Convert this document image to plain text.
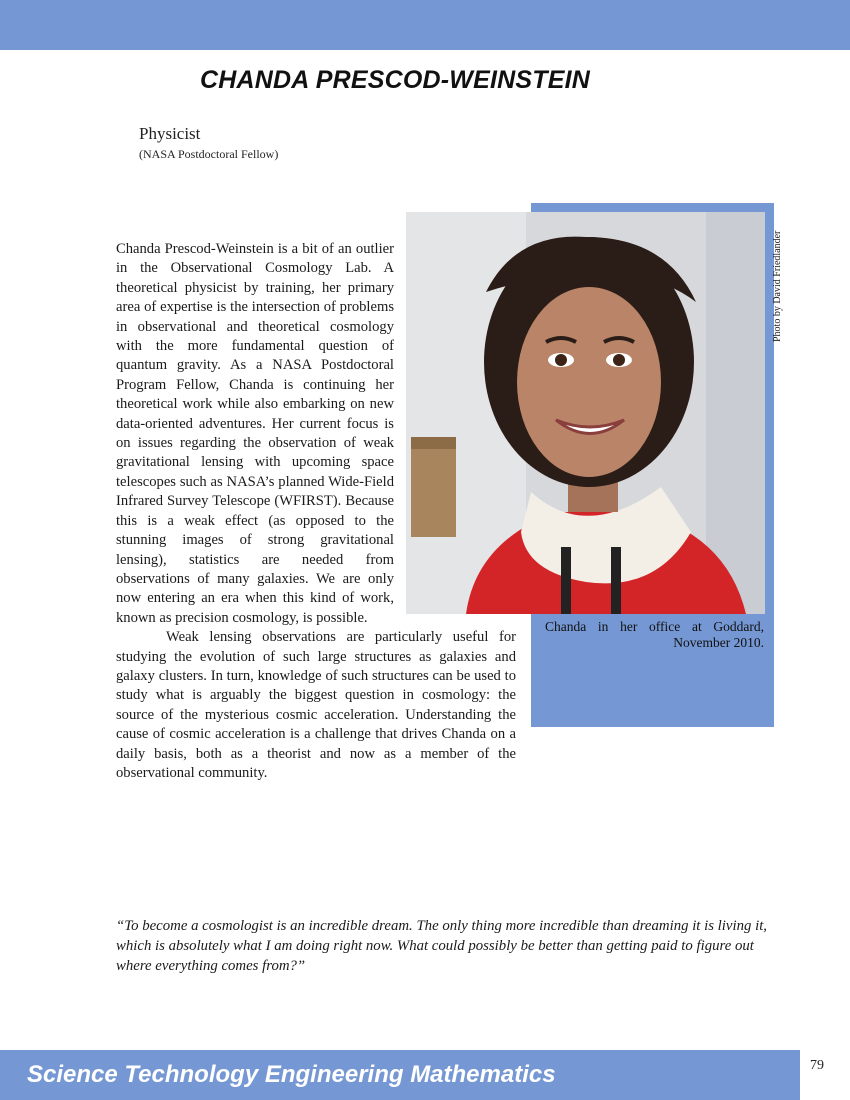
CHANDA PRESCOD-WEINSTEIN
Physicist
(NASA Postdoctoral Fellow)
Photo by David Friedlander
Chanda in her office at Goddard, November 2010.

Chanda Prescod-Weinstein is a bit of an outlier in the Observational Cosmology Lab. A theoretical physicist by training, her primary area of expertise is the intersection of problems in observational and theoretical cosmology with the more fundamental question of quantum gravity. As a NASA Postdoctoral Program Fellow, Chanda is continuing her theoretical work while also embarking on new data-oriented adventures. Her current focus is on issues regarding the observation of weak gravitational lensing with upcoming space telescopes such as NASA’s planned Wide-Field Infrared Survey Telescope (WFIRST). Because this is a weak effect (as opposed to the stunning images of strong gravitational lensing), statistics are needed from observations of many galaxies. We are only now entering an era when this kind of work, known as precision cosmology, is possible.

Weak lensing observations are particularly useful for studying the evolution of such large structures as galaxies and galaxy clusters. In turn, knowledge of such structures can be used to study what is arguably the biggest question in cosmology: the source of the mysterious cosmic acceleration. Understanding the cause of cosmic acceleration is a challenge that drives Chanda on a daily basis, both as a theorist and now as a member of the observational community.

“To become a cosmologist is an incredible dream. The only thing more incredible than dreaming it is living it, which is absolutely what I am doing right now. What could possibly be better than getting paid to figure out where everything comes from?”
Science Technology Engineering Mathematics	79
